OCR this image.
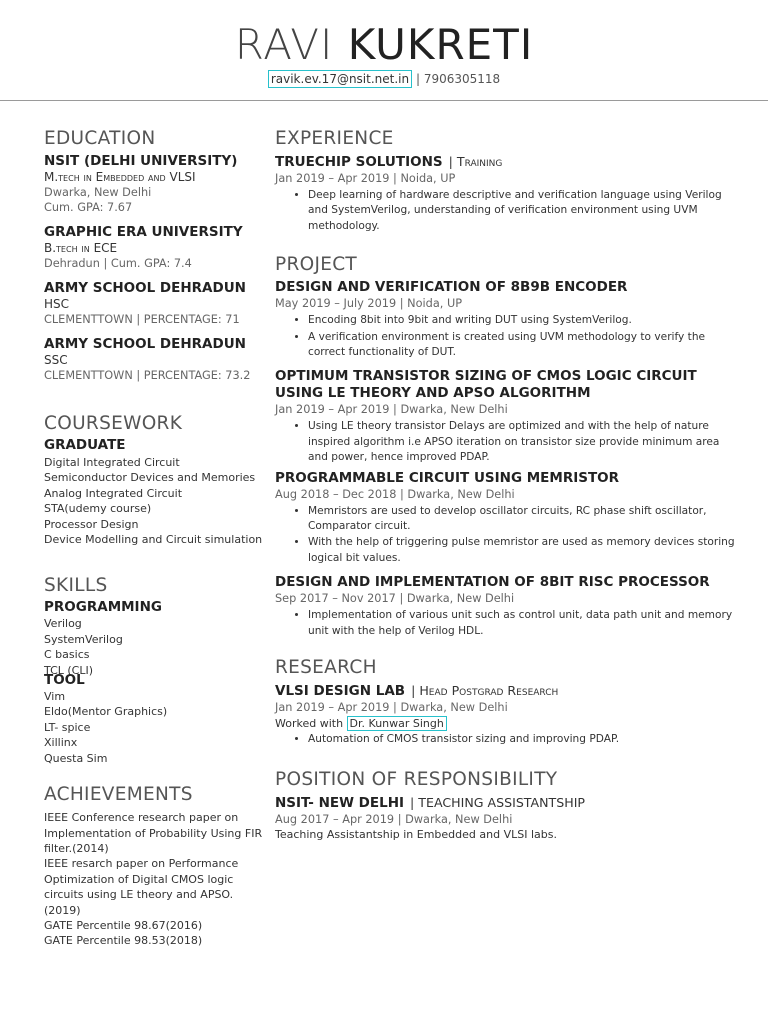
RAVI KUKRETI
ravik.ev.17@nsit.net.in | 7906305118
EDUCATION
NSIT (DELHI UNIVERSITY)
M.tech in Embedded and VLSI
Dwarka, New Delhi
Cum. GPA: 7.67
GRAPHIC ERA UNIVERSITY
B.tech in ECE
Dehradun | Cum. GPA: 7.4
ARMY SCHOOL DEHRADUN
HSC
CLEMENTTOWN | PERCENTAGE: 71
ARMY SCHOOL DEHRADUN
SSC
CLEMENTTOWN | PERCENTAGE: 73.2
COURSEWORK
GRADUATE
Digital Integrated Circuit
Semiconductor Devices and Memories
Analog Integrated Circuit
STA(udemy course)
Processor Design
Device Modelling and Circuit simulation
SKILLS
PROGRAMMING
Verilog
SystemVerilog
C basics
TCL (CLI)
TOOL
Vim
Eldo(Mentor Graphics)
LT- spice
Xillinx
Questa Sim
ACHIEVEMENTS
IEEE Conference research paper on Implementation of Probability Using FIR filter.(2014)
IEEE resarch paper on Performance Optimization of Digital CMOS logic circuits using LE theory and APSO.(2019)
GATE Percentile 98.67(2016)
GATE Percentile 98.53(2018)
EXPERIENCE
TRUECHIP SOLUTIONS | Training
Jan 2019 – Apr 2019 | Noida, UP
• Deep learning of hardware descriptive and verification language using Verilog and SystemVerilog, understanding of verification environment using UVM methodology.
PROJECT
DESIGN AND VERIFICATION OF 8B9B ENCODER
May 2019 – July 2019 | Noida, UP
• Encoding 8bit into 9bit and writing DUT using SystemVerilog.
• A verification environment is created using UVM methodology to verify the correct functionality of DUT.
OPTIMUM TRANSISTOR SIZING OF CMOS LOGIC CIRCUIT USING LE THEORY AND APSO ALGORITHM
Jan 2019 – Apr 2019 | Dwarka, New Delhi
• Using LE theory transistor Delays are optimized and with the help of nature inspired algorithm i.e APSO iteration on transistor size provide minimum area and power, hence improved PDAP.
PROGRAMMABLE CIRCUIT USING MEMRISTOR
Aug 2018 – Dec 2018 | Dwarka, New Delhi
• Memristors are used to develop oscillator circuits, RC phase shift oscillator, Comparator circuit.
• With the help of triggering pulse memristor are used as memory devices storing logical bit values.
DESIGN AND IMPLEMENTATION OF 8BIT RISC PROCESSOR
Sep 2017 – Nov 2017 | Dwarka, New Delhi
• Implementation of various unit such as control unit, data path unit and memory unit with the help of Verilog HDL.
RESEARCH
VLSI DESIGN LAB | Head Postgrad Research
Jan 2019 – Apr 2019 | Dwarka, New Delhi
Worked with Dr. Kunwar Singh
• Automation of CMOS transistor sizing and improving PDAP.
POSITION OF RESPONSIBILITY
NSIT- NEW DELHI | TEACHING ASSISTANTSHIP
Aug 2017 – Apr 2019 | Dwarka, New Delhi
Teaching Assistantship in Embedded and VLSI labs.
